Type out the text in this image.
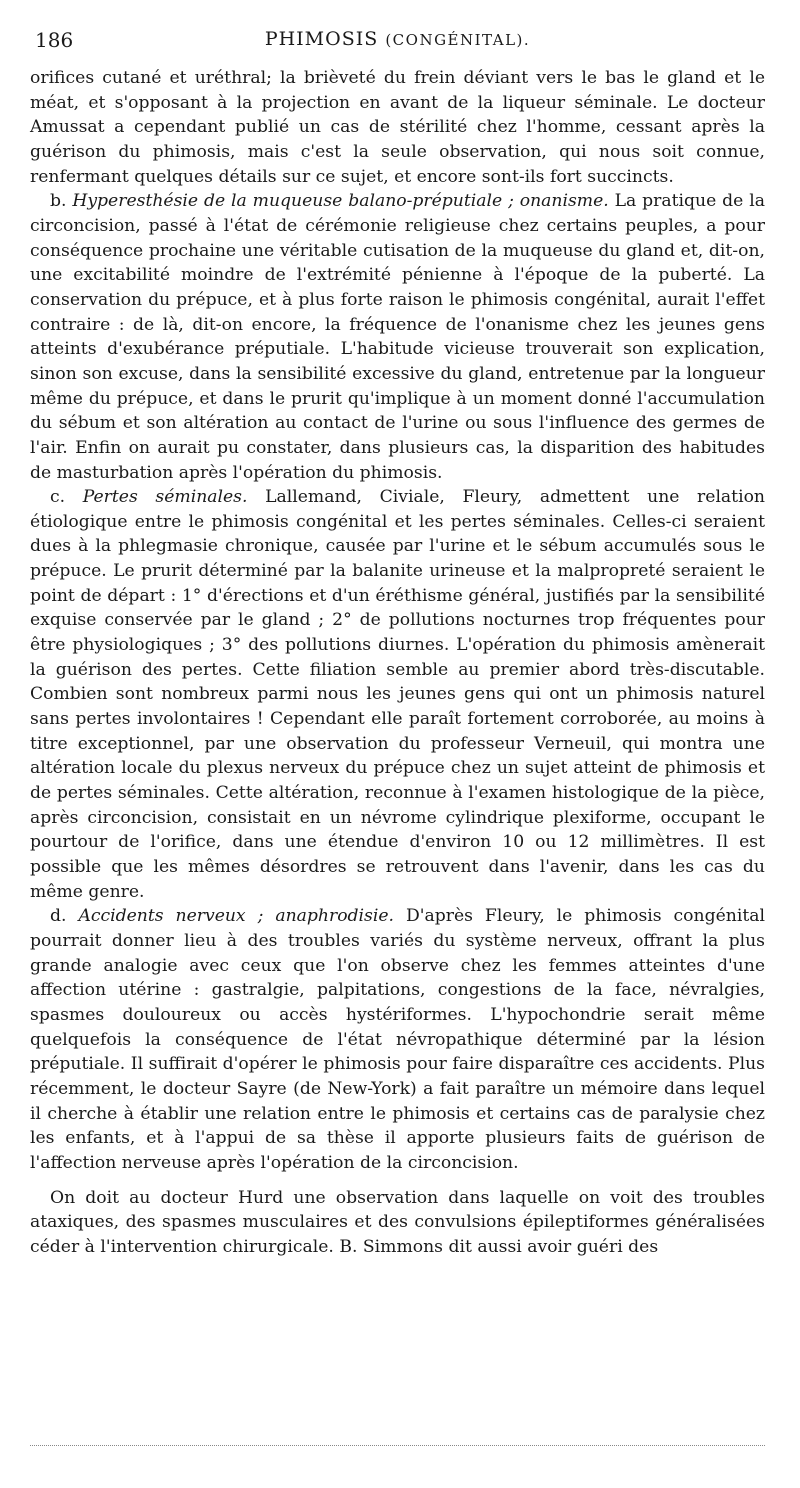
186	PHIMOSIS (CONGÉNITAL).

orifices cutané et uréthral; la brièveté du frein déviant vers le bas le gland et le méat, et s'opposant à la projection en avant de la liqueur séminale. Le docteur Amussat a cependant publié un cas de stérilité chez l'homme, cessant après la guérison du phimosis, mais c'est la seule observation, qui nous soit connue, renfermant quelques détails sur ce sujet, et encore sont-ils fort succincts.

b. Hyperesthésie de la muqueuse balano-préputiale ; onanisme. La pratique de la circoncision, passé à l'état de cérémonie religieuse chez certains peuples, a pour conséquence prochaine une véritable cutisation de la muqueuse du gland et, dit-on, une excitabilité moindre de l'extrémité pénienne à l'époque de la puberté. La conservation du prépuce, et à plus forte raison le phimosis congénital, aurait l'effet contraire : de là, dit-on encore, la fréquence de l'onanisme chez les jeunes gens atteints d'exubérance préputiale. L'habitude vicieuse trouverait son explication, sinon son excuse, dans la sensibilité excessive du gland, entretenue par la longueur même du prépuce, et dans le prurit qu'implique à un moment donné l'accumulation du sébum et son altération au contact de l'urine ou sous l'influence des germes de l'air. Enfin on aurait pu constater, dans plusieurs cas, la disparition des habitudes de masturbation après l'opération du phimosis.

c. Pertes séminales. Lallemand, Civiale, Fleury, admettent une relation étiologique entre le phimosis congénital et les pertes séminales. Celles-ci seraient dues à la phlegmasie chronique, causée par l'urine et le sébum accumulés sous le prépuce. Le prurit déterminé par la balanite urineuse et la malpropreté seraient le point de départ : 1° d'érections et d'un éréthisme général, justifiés par la sensibilité exquise conservée par le gland ; 2° de pollutions nocturnes trop fréquentes pour être physiologiques ; 3° des pollutions diurnes. L'opération du phimosis amènerait la guérison des pertes. Cette filiation semble au premier abord très-discutable. Combien sont nombreux parmi nous les jeunes gens qui ont un phimosis naturel sans pertes involontaires ! Cependant elle paraît fortement corroborée, au moins à titre exceptionnel, par une observation du professeur Verneuil, qui montra une altération locale du plexus nerveux du prépuce chez un sujet atteint de phimosis et de pertes séminales. Cette altération, reconnue à l'examen histologique de la pièce, après circoncision, consistait en un névrome cylindrique plexiforme, occupant le pourtour de l'orifice, dans une étendue d'environ 10 ou 12 millimètres. Il est possible que les mêmes désordres se retrouvent dans l'avenir, dans les cas du même genre.

d. Accidents nerveux ; anaphrodisie. D'après Fleury, le phimosis congénital pourrait donner lieu à des troubles variés du système nerveux, offrant la plus grande analogie avec ceux que l'on observe chez les femmes atteintes d'une affection utérine : gastralgie, palpitations, congestions de la face, névralgies, spasmes douloureux ou accès hystériformes. L'hypochondrie serait même quelquefois la conséquence de l'état névropathique déterminé par la lésion préputiale. Il suffirait d'opérer le phimosis pour faire disparaître ces accidents. Plus récemment, le docteur Sayre (de New-York) a fait paraître un mémoire dans lequel il cherche à établir une relation entre le phimosis et certains cas de paralysie chez les enfants, et à l'appui de sa thèse il apporte plusieurs faits de guérison de l'affection nerveuse après l'opération de la circoncision.

On doit au docteur Hurd une observation dans laquelle on voit des troubles ataxiques, des spasmes musculaires et des convulsions épileptiformes généralisées céder à l'intervention chirurgicale. B. Simmons dit aussi avoir guéri des
